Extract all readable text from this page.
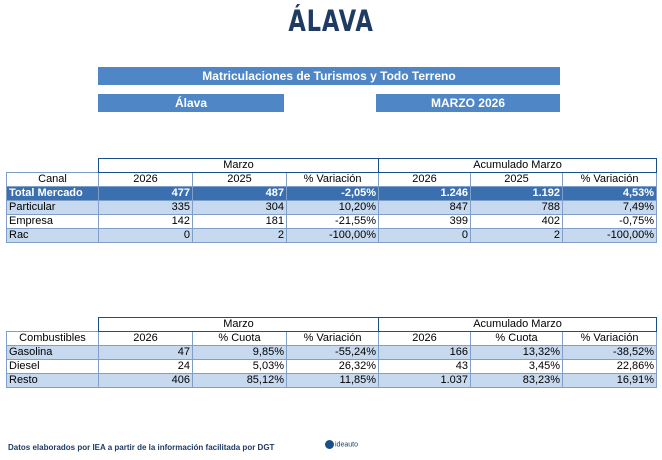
ÁLAVA
Matriculaciones de Turismos y Todo Terreno
Álava	MARZO 2026
	Marzo			Acumulado Marzo		
Canal	2026	2025	% Variación	2026	2025	% Variación
Total Mercado	477	487	-2,05%	1.246	1.192	4,53%
Particular	335	304	10,20%	847	788	7,49%
Empresa	142	181	-21,55%	399	402	-0,75%
Rac	0	2	-100,00%	0	2	-100,00%
	Marzo			Acumulado Marzo		
Combustibles	2026	% Cuota	% Variación	2026	% Cuota	% Variación
Gasolina	47	9,85%	-55,24%	166	13,32%	-38,52%
Diesel	24	5,03%	26,32%	43	3,45%	22,86%
Resto	406	85,12%	11,85%	1.037	83,23%	16,91%
Datos elaborados por IEA a partir de la información facilitada por DGT	ideauto
